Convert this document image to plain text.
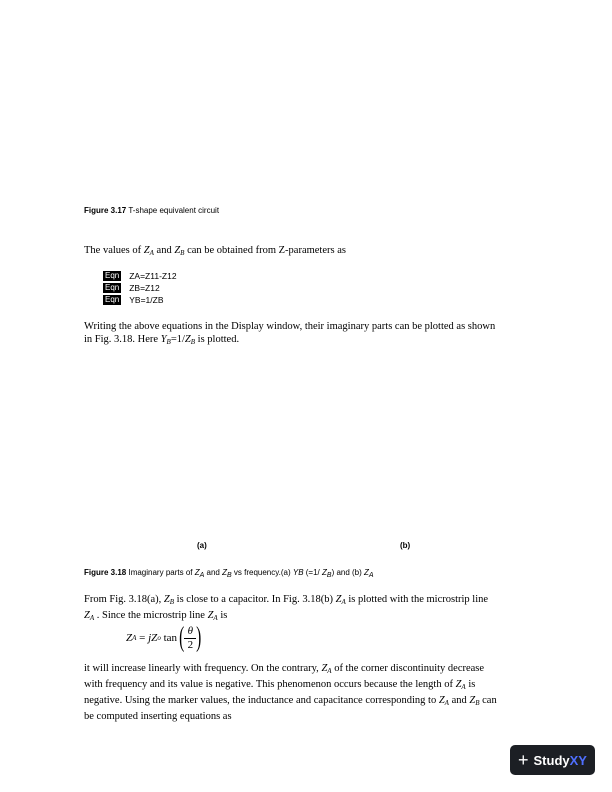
Figure 3.17 T-shape equivalent circuit
The values of $Z_A$ and $Z_B$ can be obtained from Z-parameters as
Eqn ZA=Z11-Z12
Eqn ZB=Z12
Eqn YB=1/ZB
Writing the above equations in the Display window, their imaginary parts can be plotted as shown
in Fig. 3.18. Here $Y_B=1/Z_B$ is plotted.
(a)	(b)
Figure 3.18 Imaginary parts of ZA and ZB vs frequency.(a) YB (=1/ ZB) and (b) ZA
From Fig. 3.18(a), $Z_B$ is close to a capacitor. In Fig. 3.18(b) $Z_A$ is plotted with the microstrip line
$Z_A$ . Since the microstrip line $Z_A$ is
Z A = jZ o tan ( θ
2 )
it will increase linearly with frequency. On the contrary, $Z_A$ of the corner discontinuity decrease
with frequency and its value is negative. This phenomenon occurs because the length of $Z_A$ is
negative. Using the marker values, the inductance and capacitance corresponding to $Z_A$ and $Z_B$ can
be computed inserting equations as
+ Study XY
